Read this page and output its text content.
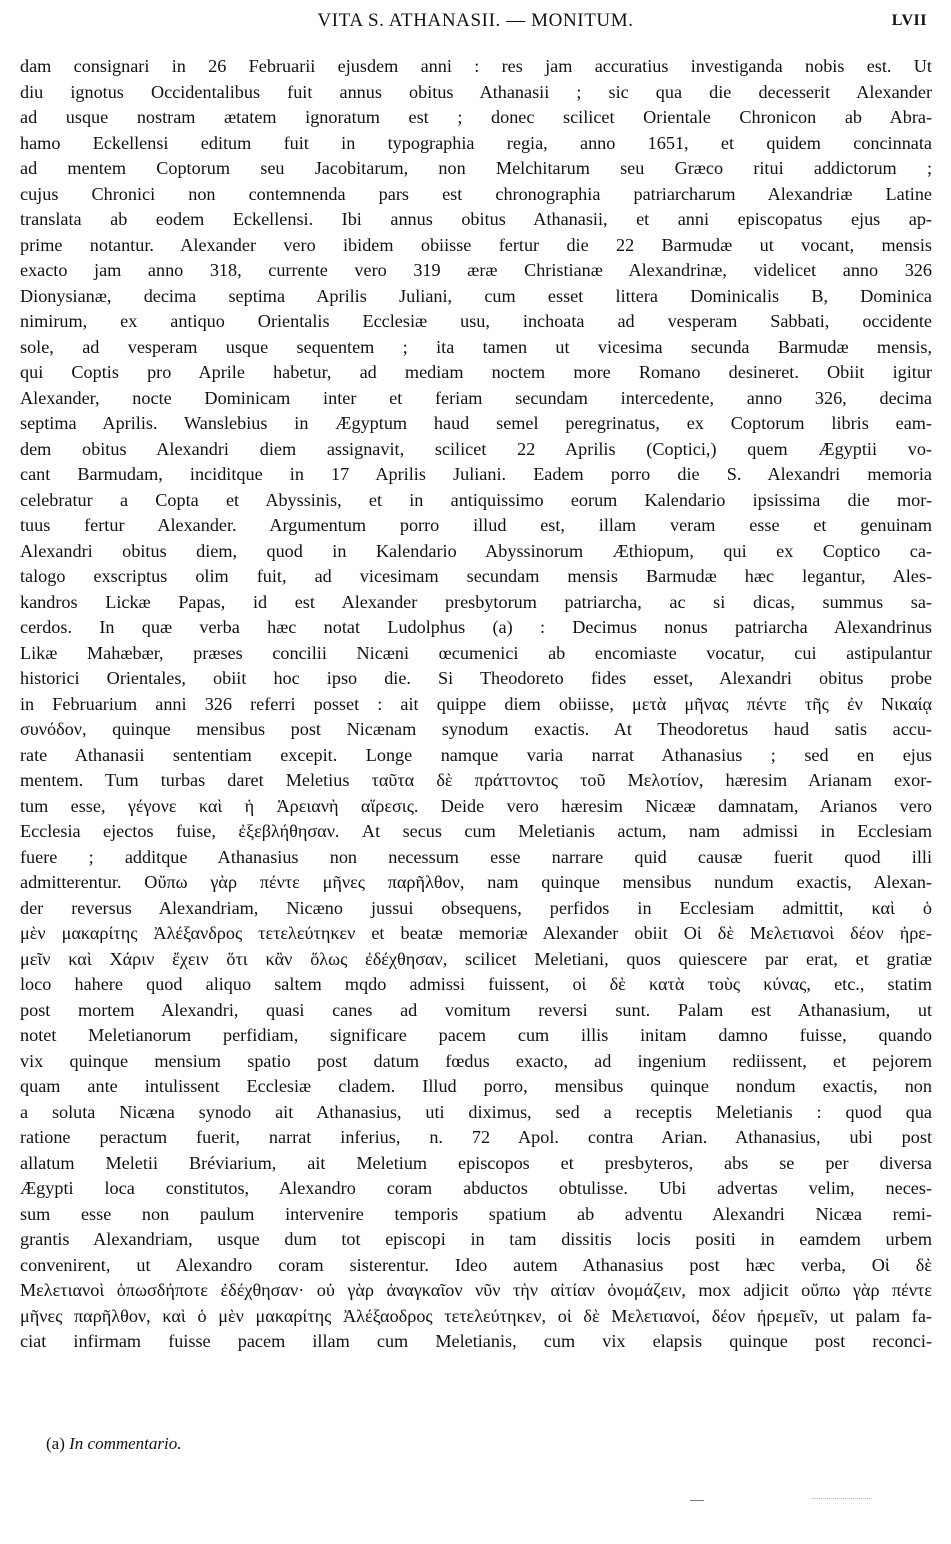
VITA S. ATHANASII. — MONITUM.	LVII
dam consignari in 26 Februarii ejusdem anni : res jam accuratius investiganda nobis est. Ut
diu ignotus Occidentalibus fuit annus obitus Athanasii ; sic qua die decesserit Alexander
ad usque nostram ætatem ignoratum est ; donec scilicet Orientale Chronicon ab Abra-
hamo Eckellensi editum fuit in typographia regia, anno 1651, et quidem concinnata
ad mentem Coptorum seu Jacobitarum, non Melchitarum seu Græco ritui addictorum ;
cujus Chronici non contemnenda pars est chronographia patriarcharum Alexandriæ Latine
translata ab eodem Eckellensi. Ibi annus obitus Athanasii, et anni episcopatus ejus ap-
prime notantur. Alexander vero ibidem obiisse fertur die 22 Barmudæ ut vocant, mensis
exacto jam anno 318, currente vero 319 æræ Christianæ Alexandrinæ, videlicet anno 326
Dionysianæ, decima septima Aprilis Juliani, cum esset littera Dominicalis B, Dominica
nimirum, ex antiquo Orientalis Ecclesiæ usu, inchoata ad vesperam Sabbati, occidente
sole, ad vesperam usque sequentem ; ita tamen ut vicesima secunda Barmudæ mensis,
qui Coptis pro Aprile habetur, ad mediam noctem more Romano desineret. Obiit igitur
Alexander, nocte Dominicam inter et feriam secundam intercedente, anno 326, decima
septima Aprilis. Wanslebius in Ægyptum haud semel peregrinatus, ex Coptorum libris eam-
dem obitus Alexandri diem assignavit, scilicet 22 Aprilis (Coptici,) quem Ægyptii vo-
cant Barmudam, inciditque in 17 Aprilis Juliani. Eadem porro die S. Alexandri memoria
celebratur a Copta et Abyssinis, et in antiquissimo eorum Kalendario ipsissima die mor-
tuus fertur Alexander. Argumentum porro illud est, illam veram esse et genuinam
Alexandri obitus diem, quod in Kalendario Abyssinorum Æthiopum, qui ex Coptico ca-
talogo exscriptus olim fuit, ad vicesimam secundam mensis Barmudæ hæc legantur, Ales-
kandros Lickæ Papas, id est Alexander presbytorum patriarcha, ac si dicas, summus sa-
cerdos. In quæ verba hæc notat Ludolphus (a) : Decimus nonus patriarcha Alexandrinus
Likæ Mahæbær, præses concilii Nicæni œcumenici ab encomiaste vocatur, cui astipulantur
historici Orientales, obiit hoc ipso die. Si Theodoreto fides esset, Alexandri obitus probe
in Februarium anni 326 referri posset : ait quippe diem obiisse, μετὰ μῆνας πέντε τῆς ἐν Νικαίᾳ
συνόδον, quinque mensibus post Nicænam synodum exactis. At Theodoretus haud satis accu-
rate Athanasii sententiam excepit. Longe namque varia narrat Athanasius ; sed en ejus
mentem. Tum turbas daret Meletius ταῦτα δὲ πράττοντος τοῦ Μελοτίον, hæresim Arianam exor-
tum esse, γέγονε καὶ ἡ Ἀρειανὴ αἵρεσις. Deide vero hæresim Nicææ damnatam, Arianos vero
Ecclesia ejectos fuise, ἐξεβλήθησαν. At secus cum Meletianis actum, nam admissi in Ecclesiam
fuere ; additque Athanasius non necessum esse narrare quid causæ fuerit quod illi
admitterentur. Οὔπω γὰρ πέντε μῆνες παρῆλθον, nam quinque mensibus nundum exactis, Alexan-
der reversus Alexandriam, Nicæno jussui obsequens, perfidos in Ecclesiam admittit, καὶ ὁ
μὲν μακαρίτης Ἀλέξανδρος τετελεύτηκεν et beatæ memoriæ Alexander obiit Οἱ δὲ Μελετιανοὶ δέον ἠρε-
μεῖν καὶ Χάριν ἔχειν ὅτι κἂν ὅλως ἐδέχθησαν, scilicet Meletiani, quos quiescere par erat, et gratiæ
loco hahere quod aliquo saltem mqdo admissi fuissent, οἱ δὲ κατὰ τοὺς κύνας, etc., statim
post mortem Alexandri, quasi canes ad vomitum reversi sunt. Palam est Athanasium, ut
notet Meletianorum perfidiam, significare pacem cum illis initam damno fuisse, quando
vix quinque mensium spatio post datum fœdus exacto, ad ingenium rediissent, et pejorem
quam ante intulissent Ecclesiæ cladem. Illud porro, mensibus quinque nondum exactis, non
a soluta Nicæna synodo ait Athanasius, uti diximus, sed a receptis Meletianis : quod qua
ratione peractum fuerit, narrat inferius, n. 72 Apol. contra Arian. Athanasius, ubi post
allatum Meletii Bréviarium, ait Meletium episcopos et presbyteros, abs se per diversa
Ægypti loca constitutos, Alexandro coram abductos obtulisse. Ubi advertas velim, neces-
sum esse non paulum intervenire temporis spatium ab adventu Alexandri Nicæa remi-
grantis Alexandriam, usque dum tot episcopi in tam dissitis locis positi in eamdem urbem
convenirent, ut Alexandro coram sisterentur. Ideo autem Athanasius post hæc verba, Οἱ δὲ
Μελετιανοὶ ὁπωσδήποτε ἐδέχθησαν· οὐ γὰρ ἀναγκαῖον νῦν τὴν αἰτίαν ὀνομάζειν, mox adjicit οὔπω γὰρ πέντε
μῆνες παρῆλθον, καὶ ὁ μὲν μακαρίτης Ἀλέξαοδρος τετελεύτηκεν, οἱ δὲ Μελετιανοί, δέον ἠρεμεῖν, ut palam fa-
ciat infirmam fuisse pacem illam cum Meletianis, cum vix elapsis quinque post reconci-
(a) In commentario.
